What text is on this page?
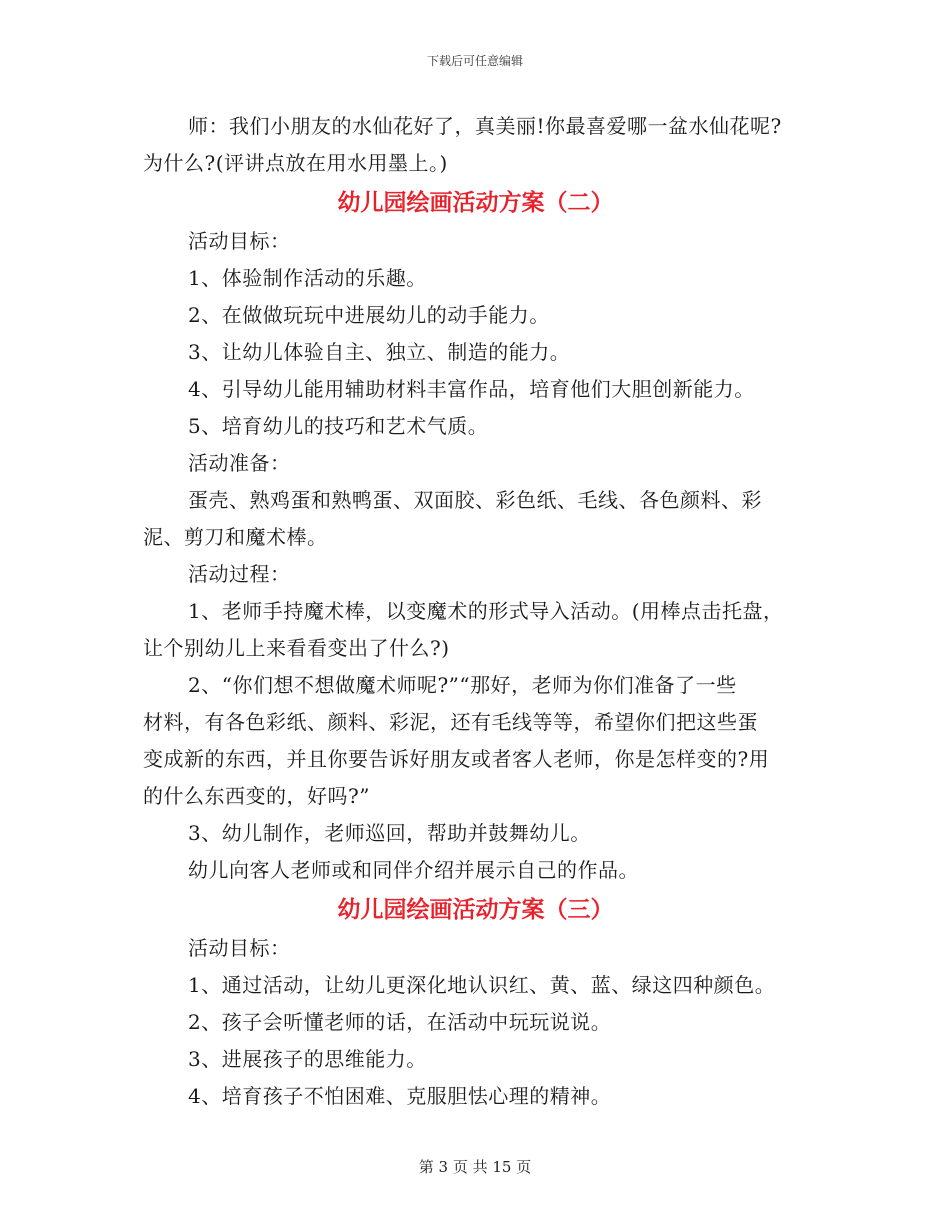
下载后可任意编辑
师：我们小朋友的水仙花好了，真美丽!你最喜爱哪一盆水仙花呢?
为什么?(评讲点放在用水用墨上。)
幼儿园绘画活动方案（二）
活动目标：
1、体验制作活动的乐趣。
2、在做做玩玩中进展幼儿的动手能力。
3、让幼儿体验自主、独立、制造的能力。
4、引导幼儿能用辅助材料丰富作品，培育他们大胆创新能力。
5、培育幼儿的技巧和艺术气质。
活动准备：
蛋壳、熟鸡蛋和熟鸭蛋、双面胶、彩色纸、毛线、各色颜料、彩
泥、剪刀和魔术棒。
活动过程：
1、老师手持魔术棒，以变魔术的形式导入活动。(用棒点击托盘，
让个别幼儿上来看看变出了什么?)
2、“你们想不想做魔术师呢?”“那好，老师为你们准备了一些
材料，有各色彩纸、颜料、彩泥，还有毛线等等，希望你们把这些蛋
变成新的东西，并且你要告诉好朋友或者客人老师，你是怎样变的?用
的什么东西变的，好吗?”
3、幼儿制作，老师巡回，帮助并鼓舞幼儿。
幼儿向客人老师或和同伴介绍并展示自己的作品。
幼儿园绘画活动方案（三）
活动目标：
1、通过活动，让幼儿更深化地认识红、黄、蓝、绿这四种颜色。
2、孩子会听懂老师的话，在活动中玩玩说说。
3、进展孩子的思维能力。
4、培育孩子不怕困难、克服胆怯心理的精神。
第 3 页 共 15 页
